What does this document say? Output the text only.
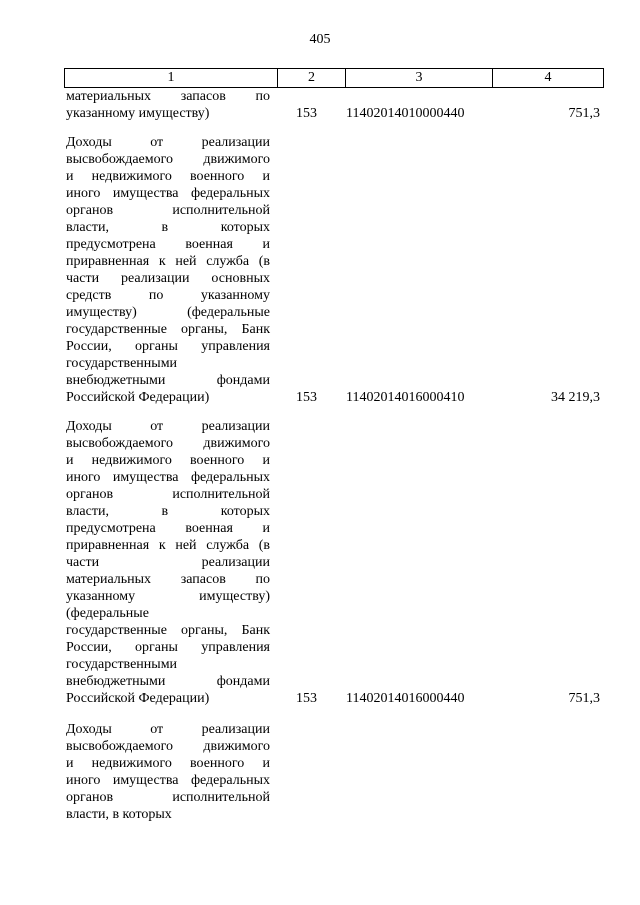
405
1	2	3	4
материальных запасов по
указанному имуществу)	153 11402014010000440	751,3
Доходы от реализации
высвобождаемого движимого
и недвижимого военного и
иного имущества федеральных
органов исполнительной
власти, в которых
предусмотрена военная и
приравненная к ней служба (в
части реализации основных
средств по указанному
имуществу) (федеральные
государственные органы, Банк
России, органы управления
государственными
внебюджетными фондами
Российской Федерации)	153 11402014016000410	34 219,3
Доходы от реализации
высвобождаемого движимого
и недвижимого военного и
иного имущества федеральных
органов исполнительной
власти, в которых
предусмотрена военная и
приравненная к ней служба (в
части реализации
материальных запасов по
указанному имуществу)
(федеральные
государственные органы, Банк
России, органы управления
государственными
внебюджетными фондами
Российской Федерации)	153 11402014016000440	751,3
Доходы от реализации
высвобождаемого движимого
и недвижимого военного и
иного имущества федеральных
органов исполнительной
власти, в которых
